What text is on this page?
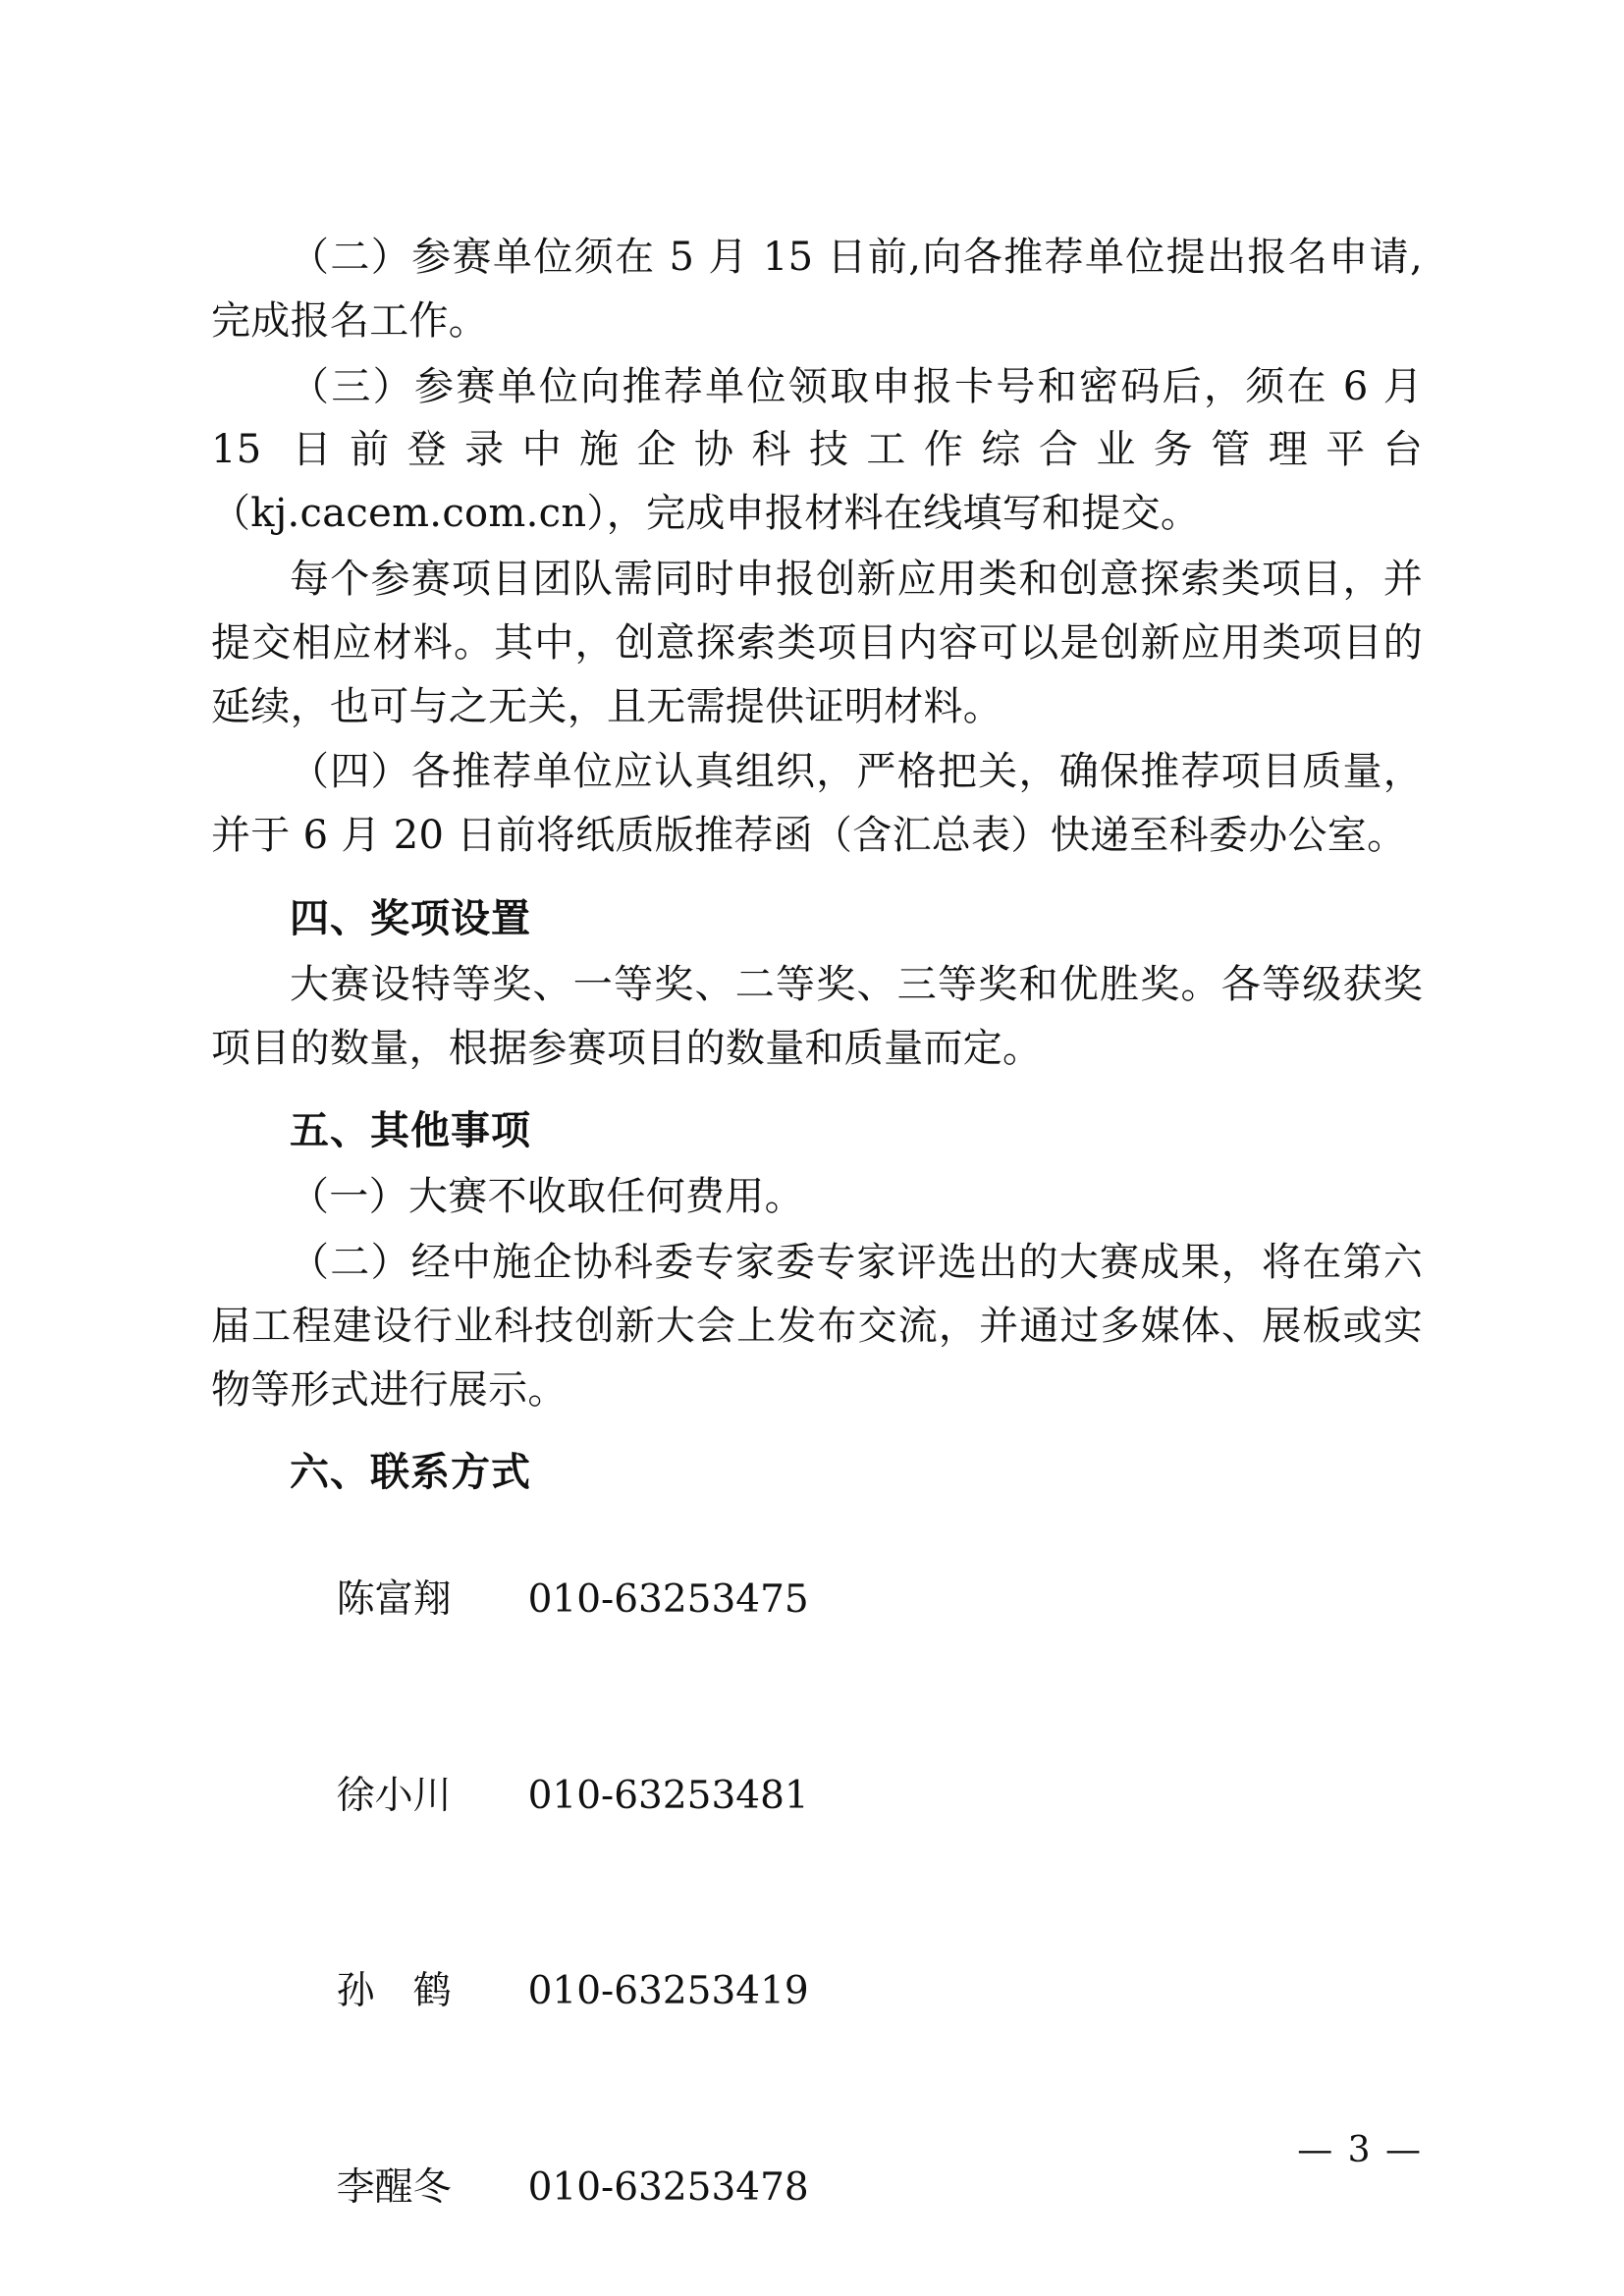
（二）参赛单位须在 5 月 15 日前,向各推荐单位提出报名申请,完成报名工作。

（三）参赛单位向推荐单位领取申报卡号和密码后，须在 6 月 15 日前登录中施企协科技工作综合业务管理平台（kj.cacem.com.cn），完成申报材料在线填写和提交。

每个参赛项目团队需同时申报创新应用类和创意探索类项目，并提交相应材料。其中，创意探索类项目内容可以是创新应用类项目的延续，也可与之无关，且无需提供证明材料。

（四）各推荐单位应认真组织，严格把关，确保推荐项目质量，并于 6 月 20 日前将纸质版推荐函（含汇总表）快递至科委办公室。

四、奖项设置

大赛设特等奖、一等奖、二等奖、三等奖和优胜奖。各等级获奖项目的数量，根据参赛项目的数量和质量而定。

五、其他事项

（一）大赛不收取任何费用。

（二）经中施企协科委专家委专家评选出的大赛成果，将在第六届工程建设行业科技创新大会上发布交流，并通过多媒体、展板或实物等形式进行展示。

六、联系方式

陈富翔 010-63253475

徐小川 010-63253481

孙　鹤 010-63253419

李醒冬 010-63253478

— 3 —
